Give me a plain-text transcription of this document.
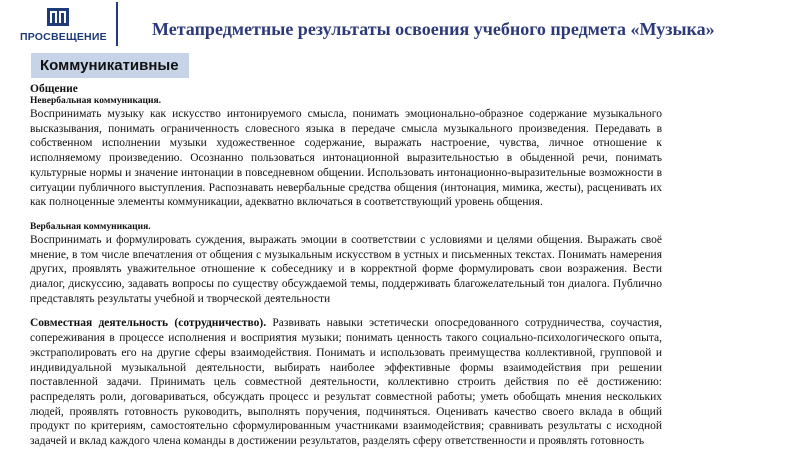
ПРОСВЕЩЕНИЕ	Метапредметные результаты освоения учебного предмета «Музыка»
Коммуникативные
Общение
Невербальная коммуникация.

Воспринимать музыку как искусство интонируемого смысла, понимать эмоционально-образное содержание музыкального высказывания, понимать ограниченность словесного языка в передаче смысла музыкального произведения. Передавать в собственном исполнении музыки художественное содержание, выражать настроение, чувства, личное отношение к исполняемому произведению. Осознанно пользоваться интонационной выразительностью в обыденной речи, понимать культурные нормы и значение интонации в повседневном общении. Использовать интонационно-выразительные возможности в ситуации публичного выступления. Распознавать невербальные средства общения (интонация, мимика, жесты), расценивать их как полноценные элементы коммуникации, адекватно включаться в соответствующий уровень общения.

Вербальная коммуникация.

Воспринимать и формулировать суждения, выражать эмоции в соответствии с условиями и целями общения. Выражать своё мнение, в том числе впечатления от общения с музыкальным искусством в устных и письменных текстах. Понимать намерения других, проявлять уважительное отношение к собеседнику и в корректной форме формулировать свои возражения. Вести диалог, дискуссию, задавать вопросы по существу обсуждаемой темы, поддерживать благожелательный тон диалога. Публично представлять результаты учебной и творческой деятельности

Совместная деятельность (сотрудничество). Развивать навыки эстетически опосредованного сотрудничества, соучастия, сопереживания в процессе исполнения и восприятия музыки; понимать ценность такого социально-психологического опыта, экстраполировать его на другие сферы взаимодействия. Понимать и использовать преимущества коллективной, групповой и индивидуальной музыкальной деятельности, выбирать наиболее эффективные формы взаимодействия при решении поставленной задачи. Принимать цель совместной деятельности, коллективно строить действия по её достижению: распределять роли, договариваться, обсуждать процесс и результат совместной работы; уметь обобщать мнения нескольких людей, проявлять готовность руководить, выполнять поручения, подчиняться. Оценивать качество своего вклада в общий продукт по критериям, самостоятельно сформулированным участниками взаимодействия; сравнивать результаты с исходной задачей и вклад каждого члена команды в достижении результатов, разделять сферу ответственности и проявлять готовность
